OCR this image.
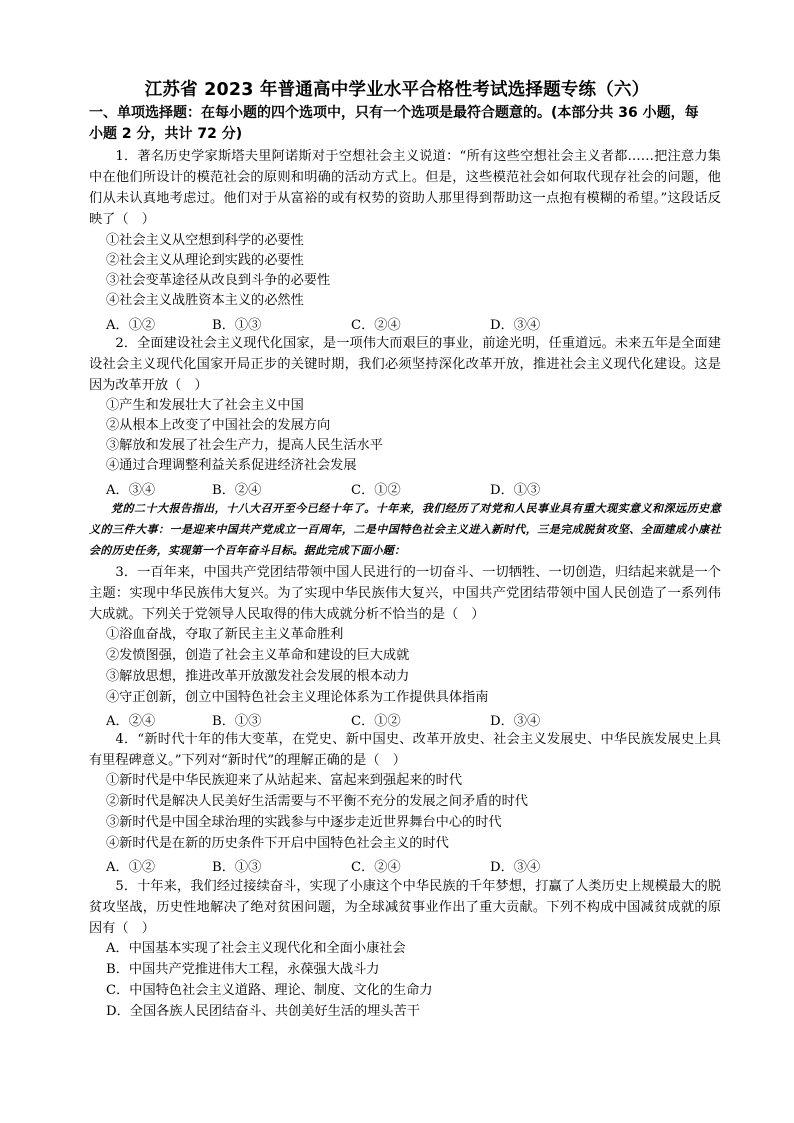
江苏省 2023 年普通高中学业水平合格性考试选择题专练（六）
一、单项选择题：在每小题的四个选项中，只有一个选项是最符合题意的。(本部分共 36 小题，每小题 2 分，共计 72 分)
1．著名历史学家斯塔夫里阿诺斯对于空想社会主义说道：“所有这些空想社会主义者都……把注意力集中在他们所设计的模范社会的原则和明确的活动方式上。但是，这些模范社会如何取代现存社会的问题，他们从未认真地考虑过。他们对于从富裕的或有权势的资助人那里得到帮助这一点抱有模糊的希望。”这段话反映了（　）
①社会主义从空想到科学的必要性
②社会主义从理论到实践的必要性
③社会变革途径从改良到斗争的必要性
④社会主义战胜资本主义的必然性
A．①②	B．①③	C．②④	D．③④
2．全面建设社会主义现代化国家，是一项伟大而艰巨的事业，前途光明，任重道远。未来五年是全面建设社会主义现代化国家开局正步的关键时期，我们必须坚持深化改革开放，推进社会主义现代化建设。这是因为改革开放（　）
①产生和发展壮大了社会主义中国
②从根本上改变了中国社会的发展方向
③解放和发展了社会生产力，提高人民生活水平
④通过合理调整利益关系促进经济社会发展
A．③④	B．②④	C．①②	D．①③
党的二十大报告指出，十八大召开至今已经十年了。十年来，我们经历了对党和人民事业具有重大现实意义和深远历史意义的三件大事：一是迎来中国共产党成立一百周年，二是中国特色社会主义进入新时代，三是完成脱贫攻坚、全面建成小康社会的历史任务，实现第一个百年奋斗目标。据此完成下面小题：
3．一百年来，中国共产党团结带领中国人民进行的一切奋斗、一切牺牲、一切创造，归结起来就是一个主题：实现中华民族伟大复兴。为了实现中华民族伟大复兴，中国共产党团结带领中国人民创造了一系列伟大成就。下列关于党领导人民取得的伟大成就分析不恰当的是（　）
①浴血奋战，夺取了新民主主义革命胜利
②发愤图强，创造了社会主义革命和建设的巨大成就
③解放思想，推进改革开放激发社会发展的根本动力
④守正创新，创立中国特色社会主义理论体系为工作提供具体指南
A．②④	B．①③	C．①②	D．③④
4．“新时代十年的伟大变革，在党史、新中国史、改革开放史、社会主义发展史、中华民族发展史上具有里程碑意义。”下列对“新时代”的理解正确的是（　）
①新时代是中华民族迎来了从站起来、富起来到强起来的时代
②新时代是解决人民美好生活需要与不平衡不充分的发展之间矛盾的时代
③新时代是中国全球治理的实践参与中逐步走近世界舞台中心的时代
④新时代是在新的历史条件下开启中国特色社会主义的时代
A．①②	B．①③	C．②④	D．③④
5．十年来，我们经过接续奋斗，实现了小康这个中华民族的千年梦想，打赢了人类历史上规模最大的脱贫攻坚战，历史性地解决了绝对贫困问题，为全球减贫事业作出了重大贡献。下列不构成中国减贫成就的原因有（　）
A．中国基本实现了社会主义现代化和全面小康社会
B．中国共产党推进伟大工程，永葆强大战斗力
C．中国特色社会主义道路、理论、制度、文化的生命力
D．全国各族人民团结奋斗、共创美好生活的埋头苦干
